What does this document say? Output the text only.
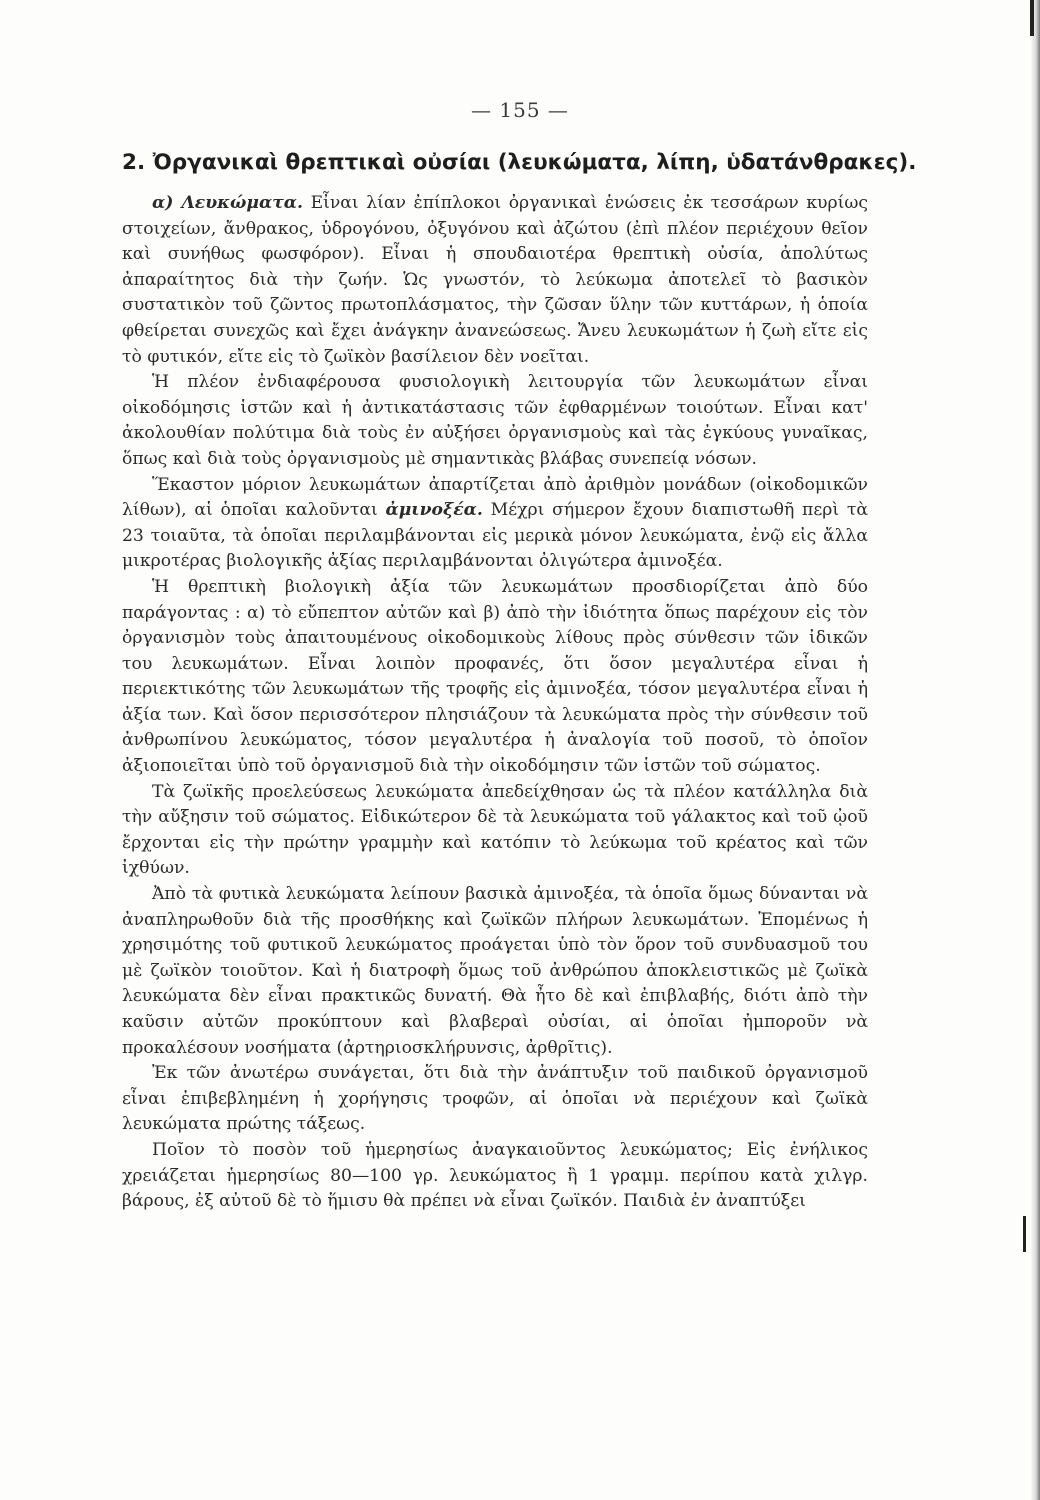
— 155 —
2. Ὀργανικαὶ θρεπτικαὶ οὐσίαι (λευκώματα, λίπη, ὑδατάνθρακες).

α) Λευκώματα. Εἶναι λίαν ἐπίπλοκοι ὀργανικαὶ ἑνώσεις ἐκ τεσσάρων κυρίως στοιχείων, ἄνθρακος, ὑδρογόνου, ὀξυγόνου καὶ ἀζώτου (ἐπὶ πλέον περιέχουν θεῖον καὶ συνήθως φωσφόρον). Εἶναι ἡ σπουδαιοτέρα θρεπτικὴ οὐσία, ἀπολύτως ἀπαραίτητος διὰ τὴν ζωήν. Ὡς γνωστόν, τὸ λεύκωμα ἀποτελεῖ τὸ βασικὸν συστατικὸν τοῦ ζῶντος πρωτοπλάσματος, τὴν ζῶσαν ὕλην τῶν κυττάρων, ἡ ὁποία φθείρεται συνεχῶς καὶ ἔχει ἀνάγκην ἀνανεώσεως. Ἄνευ λευκωμάτων ἡ ζωὴ εἴτε εἰς τὸ φυτικόν, εἴτε εἰς τὸ ζωϊκὸν βασίλειον δὲν νοεῖται.

Ἡ πλέον ἐνδιαφέρουσα φυσιολογικὴ λειτουργία τῶν λευκωμάτων εἶναι οἰκοδόμησις ἱστῶν καὶ ἡ ἀντικατάστασις τῶν ἐφθαρμένων τοιούτων. Εἶναι κατ' ἀκολουθίαν πολύτιμα διὰ τοὺς ἐν αὐξήσει ὀργανισμοὺς καὶ τὰς ἐγκύους γυναῖκας, ὅπως καὶ διὰ τοὺς ὀργανισμοὺς μὲ σημαντικὰς βλάβας συνεπείᾳ νόσων.

Ἕκαστον μόριον λευκωμάτων ἀπαρτίζεται ἀπὸ ἀριθμὸν μονάδων (οἰκοδομικῶν λίθων), αἱ ὁποῖαι καλοῦνται ἀμινοξέα. Μέχρι σήμερον ἔχουν διαπιστωθῆ περὶ τὰ 23 τοιαῦτα, τὰ ὁποῖαι περιλαμβάνονται εἰς μερικὰ μόνον λευκώματα, ἐνῷ εἰς ἄλλα μικροτέρας βιολογικῆς ἀξίας περιλαμβάνονται ὀλιγώτερα ἀμινοξέα.

Ἡ θρεπτικὴ βιολογικὴ ἀξία τῶν λευκωμάτων προσδιορίζεται ἀπὸ δύο παράγοντας : α) τὸ εὔπεπτον αὐτῶν καὶ β) ἀπὸ τὴν ἰδιότητα ὅπως παρέχουν εἰς τὸν ὀργανισμὸν τοὺς ἀπαιτουμένους οἰκοδομικοὺς λίθους πρὸς σύνθεσιν τῶν ἰδικῶν του λευκωμάτων. Εἶναι λοιπὸν προφανές, ὅτι ὅσον μεγαλυτέρα εἶναι ἡ περιεκτικότης τῶν λευκωμάτων τῆς τροφῆς εἰς ἀμινοξέα, τόσον μεγαλυτέρα εἶναι ἡ ἀξία των. Καὶ ὅσον περισσότερον πλησιάζουν τὰ λευκώματα πρὸς τὴν σύνθεσιν τοῦ ἀνθρωπίνου λευκώματος, τόσον μεγαλυτέρα ἡ ἀναλογία τοῦ ποσοῦ, τὸ ὁποῖον ἀξιοποιεῖται ὑπὸ τοῦ ὀργανισμοῦ διὰ τὴν οἰκοδόμησιν τῶν ἱστῶν τοῦ σώματος.

Τὰ ζωϊκῆς προελεύσεως λευκώματα ἀπεδείχθησαν ὡς τὰ πλέον κατάλληλα διὰ τὴν αὔξησιν τοῦ σώματος. Εἰδικώτερον δὲ τὰ λευκώματα τοῦ γάλακτος καὶ τοῦ ᾠοῦ ἔρχονται εἰς τὴν πρώτην γραμμὴν καὶ κατόπιν τὸ λεύκωμα τοῦ κρέατος καὶ τῶν ἰχθύων.

Ἀπὸ τὰ φυτικὰ λευκώματα λείπουν βασικὰ ἀμινοξέα, τὰ ὁποῖα ὅμως δύνανται νὰ ἀναπληρωθοῦν διὰ τῆς προσθήκης καὶ ζωϊκῶν πλήρων λευκωμάτων. Ἑπομένως ἡ χρησιμότης τοῦ φυτικοῦ λευκώματος προάγεται ὑπὸ τὸν ὅρον τοῦ συνδυασμοῦ του μὲ ζωϊκὸν τοιοῦτον. Καὶ ἡ διατροφὴ ὅμως τοῦ ἀνθρώπου ἀποκλειστικῶς μὲ ζωϊκὰ λευκώματα δὲν εἶναι πρακτικῶς δυνατή. Θὰ ἦτο δὲ καὶ ἐπιβλαβής, διότι ἀπὸ τὴν καῦσιν αὐτῶν προκύπτουν καὶ βλαβεραὶ οὐσίαι, αἱ ὁποῖαι ἠμποροῦν νὰ προκαλέσουν νοσήματα (ἀρτηριοσκλήρυνσις, ἀρθρῖτις).

Ἐκ τῶν ἀνωτέρω συνάγεται, ὅτι διὰ τὴν ἀνάπτυξιν τοῦ παιδικοῦ ὀργανισμοῦ εἶναι ἐπιβεβλημένη ἡ χορήγησις τροφῶν, αἱ ὁποῖαι νὰ περιέχουν καὶ ζωϊκὰ λευκώματα πρώτης τάξεως.

Ποῖον τὸ ποσὸν τοῦ ἡμερησίως ἀναγκαιοῦντος λευκώματος; Εἰς ἐνήλικος χρειάζεται ἡμερησίως 80—100 γρ. λευκώματος ἢ 1 γραμμ. περίπου κατὰ χιλγρ. βάρους, ἐξ αὐτοῦ δὲ τὸ ἥμισυ θὰ πρέπει νὰ εἶναι ζωϊκόν. Παιδιὰ ἐν ἀναπτύξει
